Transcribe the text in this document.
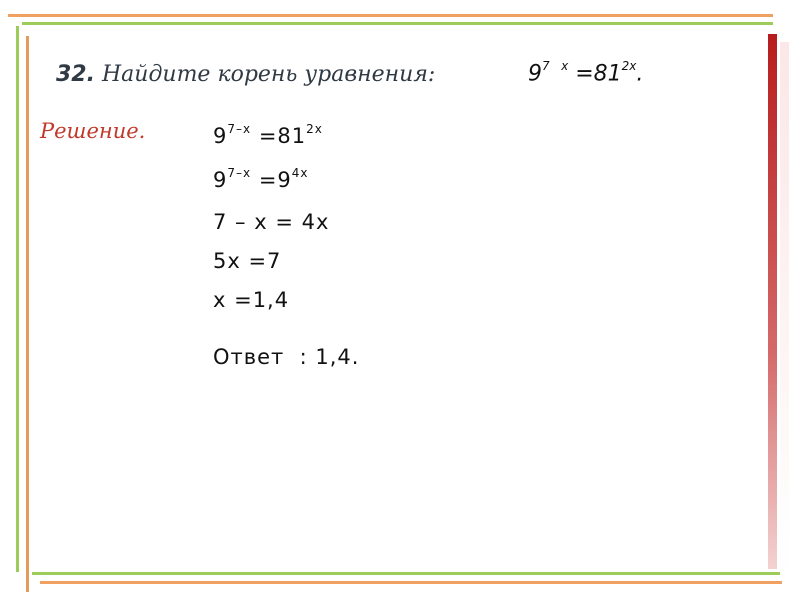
32. Найдите корень уравнения:	$9^{7 x} =81^{2x}$.
Решение.	$9^{7-x} =81^{2x}$
$9^{7-x} =9^{4x}$
7 – x = 4x
5x =7
x =1,4
Ответ  : 1,4.
